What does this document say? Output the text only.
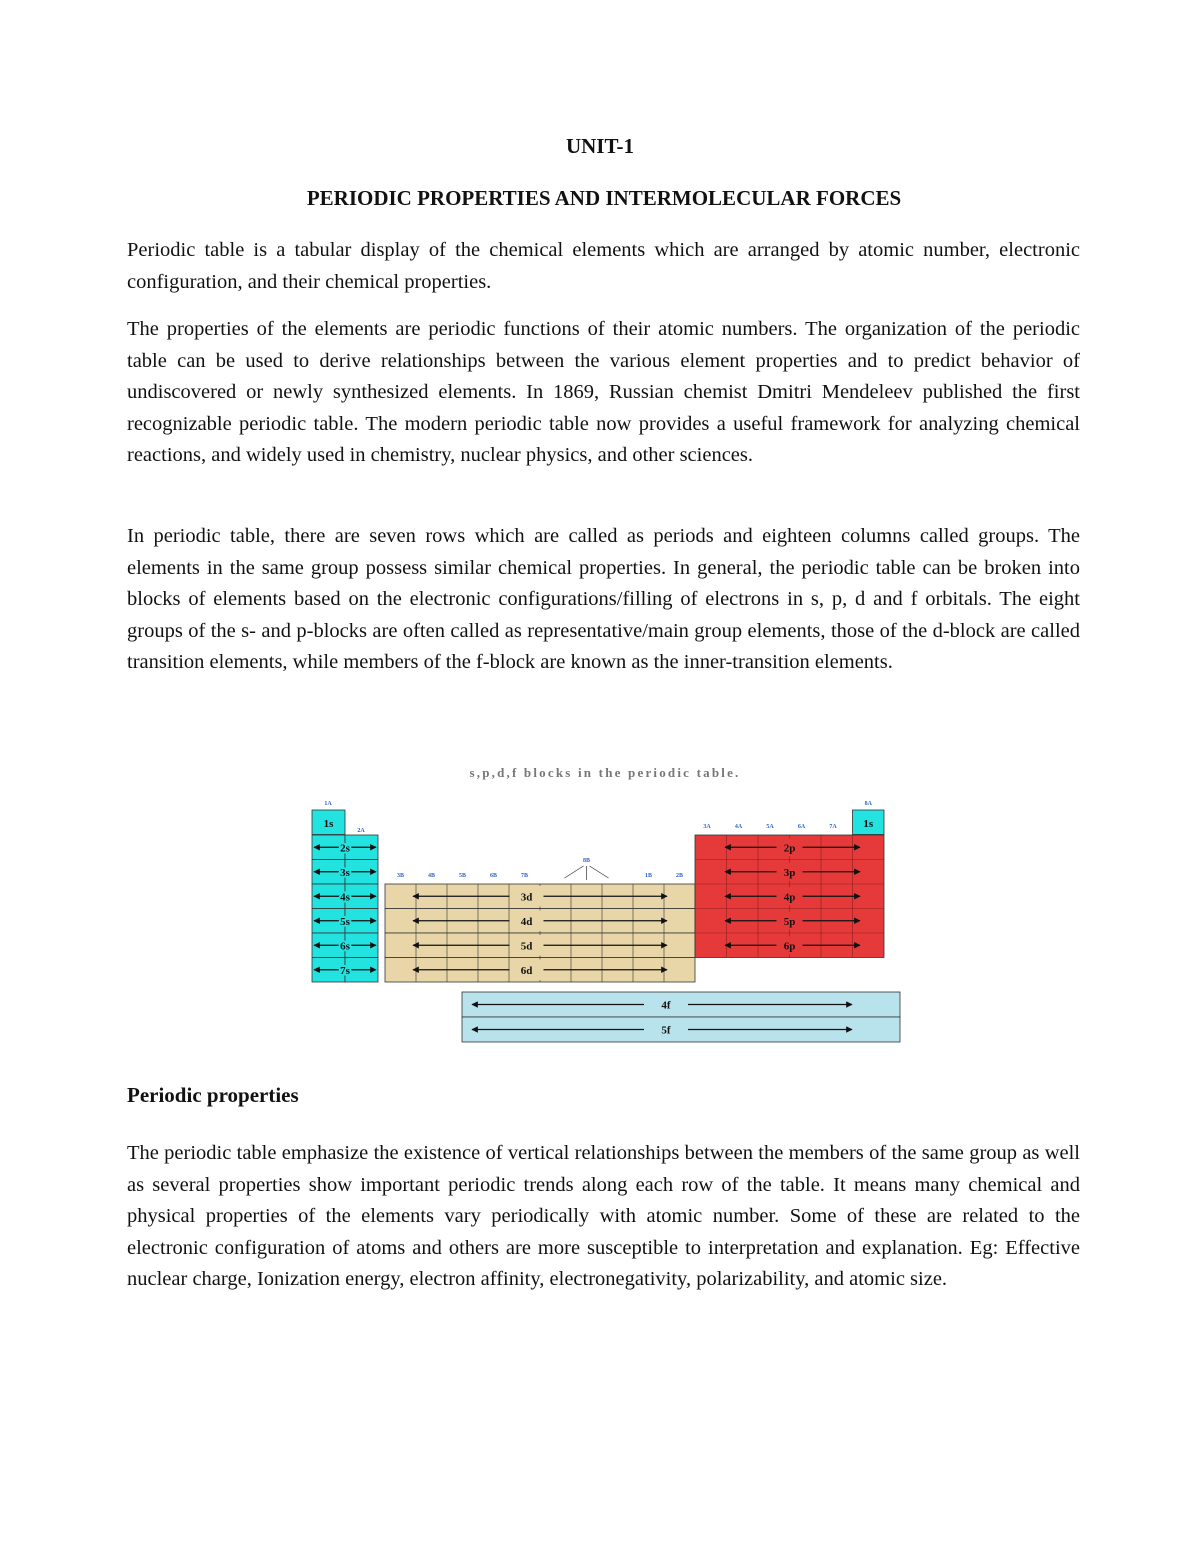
UNIT-1
PERIODIC PROPERTIES AND INTERMOLECULAR FORCES

Periodic table is a tabular display of the chemical elements which are arranged by atomic number, electronic configuration, and their chemical properties.

The properties of the elements are periodic functions of their atomic numbers. The organization of the periodic table can be used to derive relationships between the various element properties and to predict behavior of undiscovered or newly synthesized elements. In 1869, Russian chemist Dmitri Mendeleev published the first recognizable periodic table. The modern periodic table now provides a useful framework for analyzing chemical reactions, and widely used in chemistry, nuclear physics, and other sciences.

In periodic table, there are seven rows which are called as periods and eighteen columns called groups. The elements in the same group possess similar chemical properties. In general, the periodic table can be broken into blocks of elements based on the electronic configurations/filling of electrons in s, p, d and f orbitals. The eight groups of the s- and p-blocks are often called as representative/main group elements, those of the d-block are called transition elements, while members of the f-block are known as the inner-transition elements.

s,p,d,f blocks in the periodic table.
1s
2s
3s
4s
5s
6s
7s
1A
2A
3d
4d
5d
6d
3B	4B	5B	6B	7B	1B	2B
8B
2p
3p
4p
5p
6p
3A	4A	5A	6A	7A 1s
8A
4f
5f
Periodic properties

The periodic table emphasize the existence of vertical relationships between the members of the same group as well as several properties show important periodic trends along each row of the table. It means many chemical and physical properties of the elements vary periodically with atomic number. Some of these are related to the electronic configuration of atoms and others are more susceptible to interpretation and explanation. Eg: Effective nuclear charge, Ionization energy, electron affinity, electronegativity, polarizability, and atomic size.
